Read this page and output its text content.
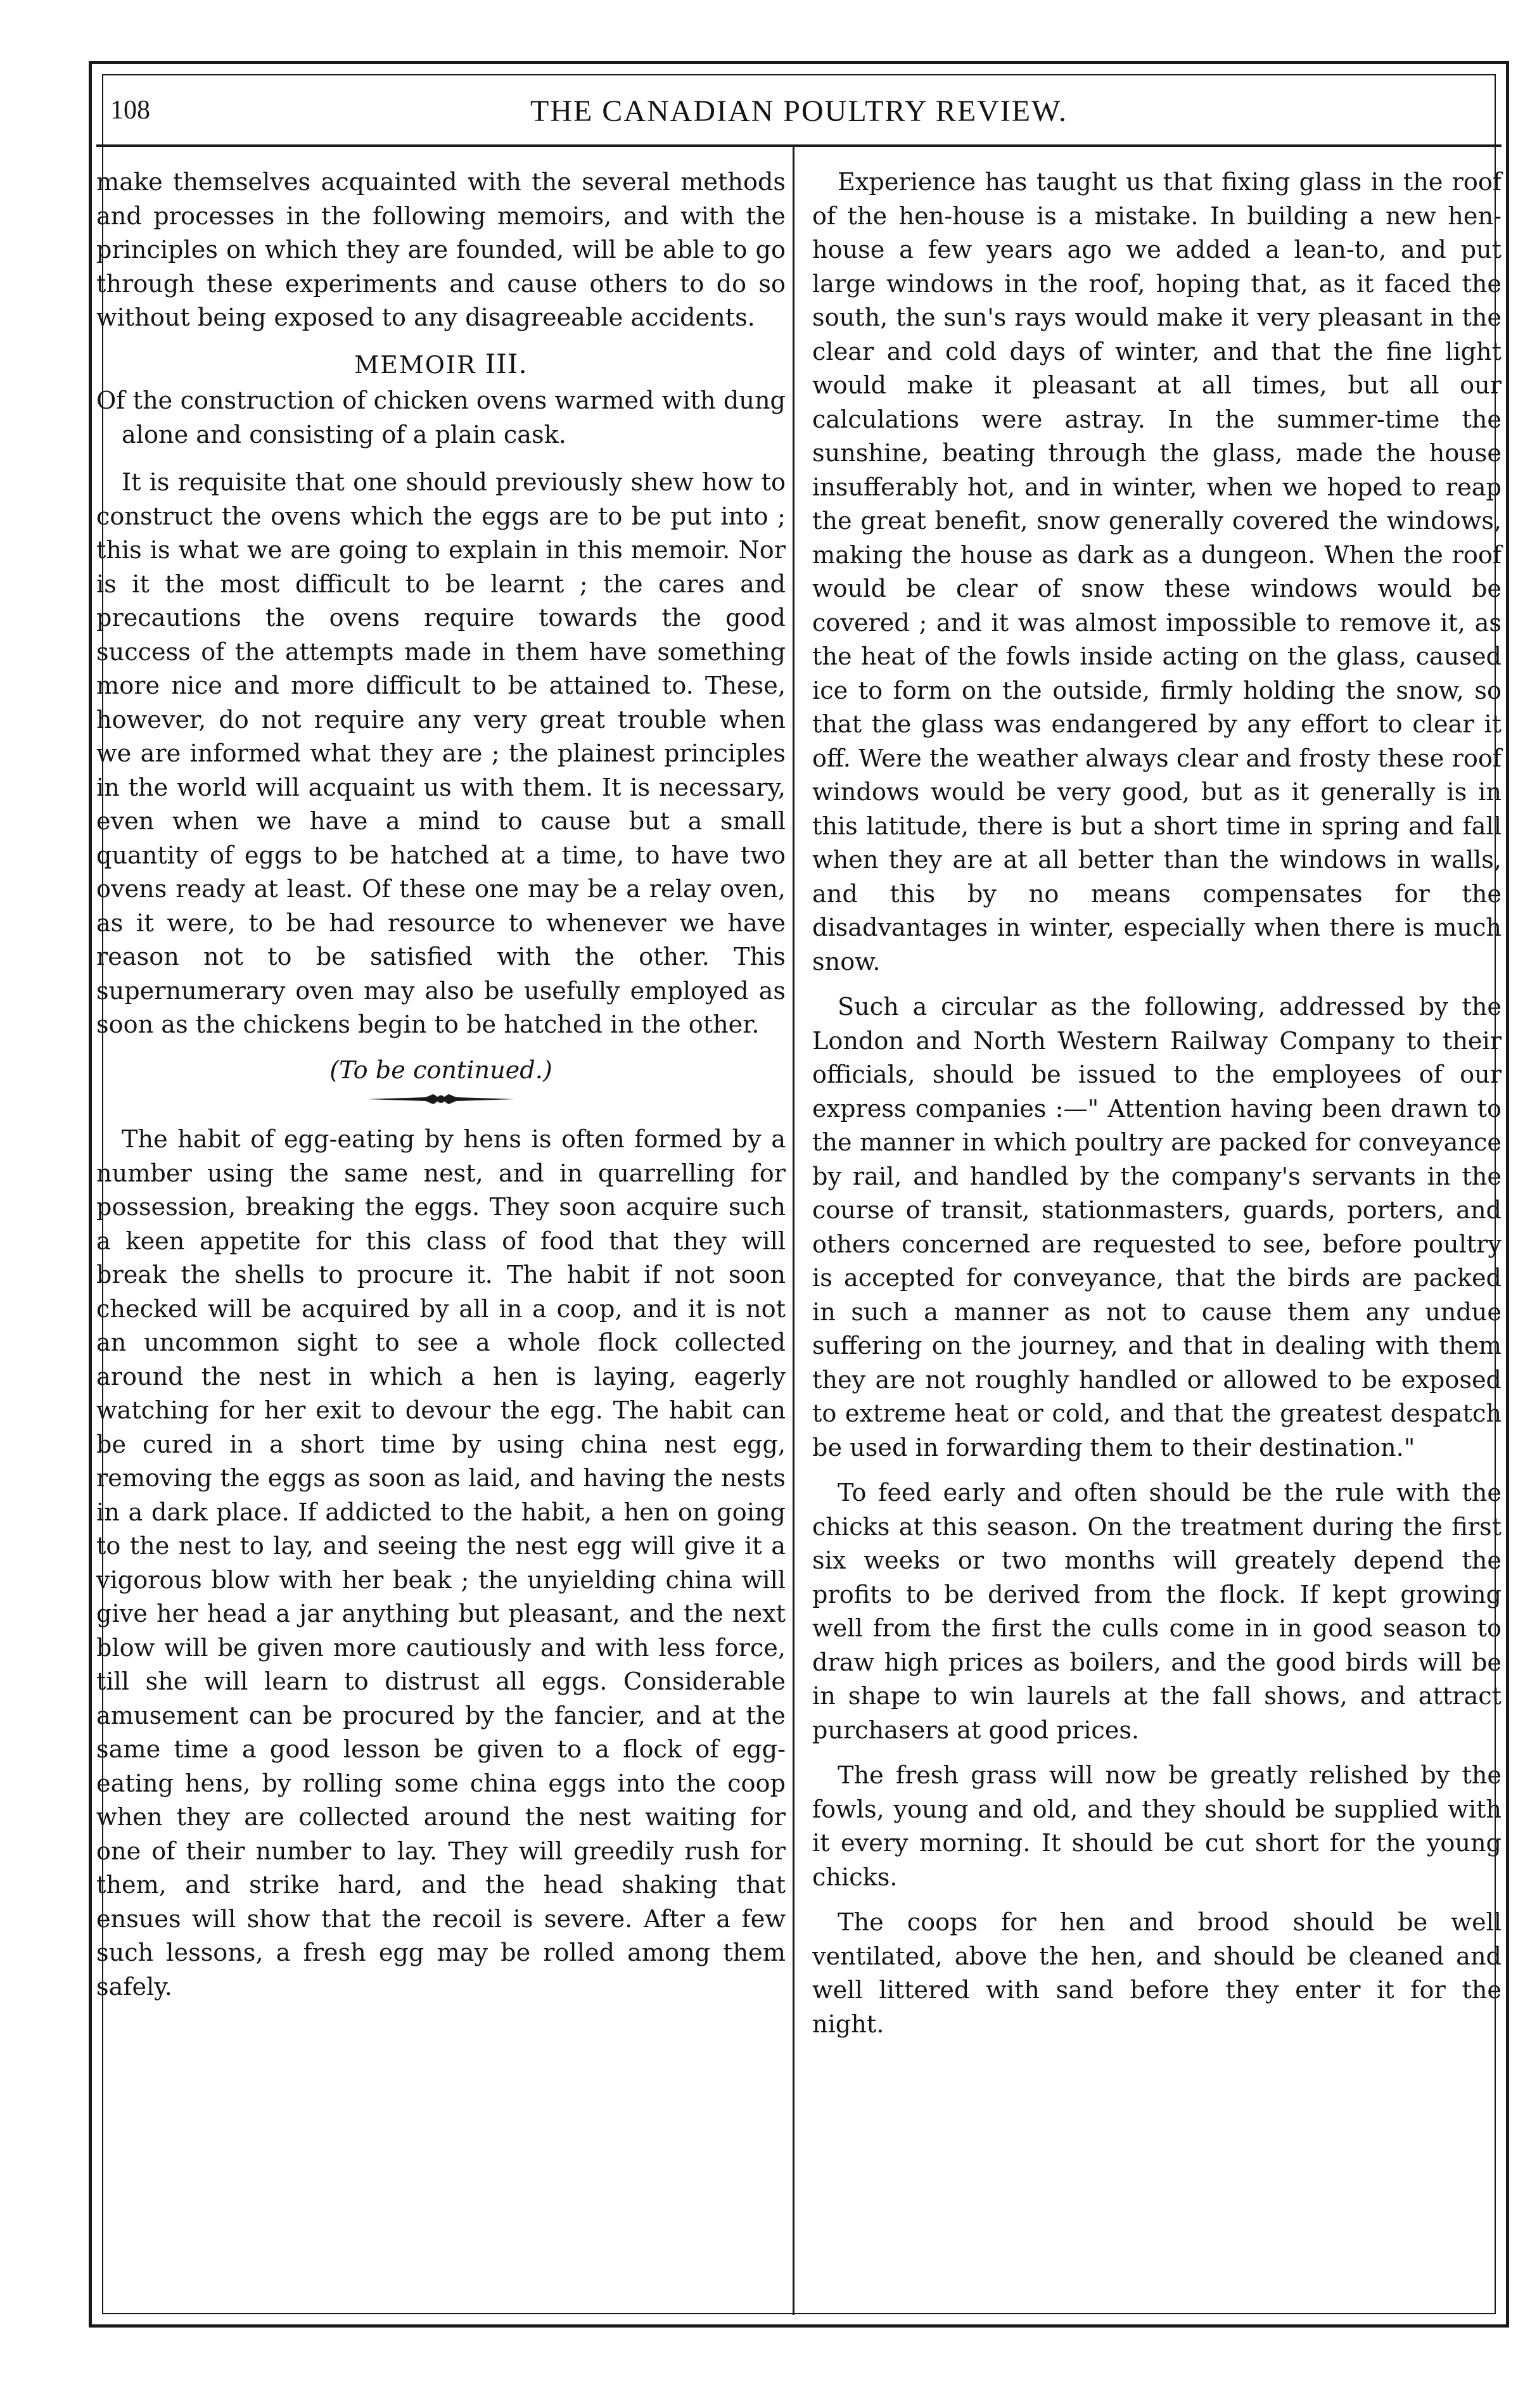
108	THE CANADIAN POULTRY REVIEW.

make themselves acquainted with the several methods and processes in the following memoirs, and with the principles on which they are founded, will be able to go through these experiments and cause others to do so without being exposed to any disagreeable accidents.

MEMOIR III.

Of the construction of chicken ovens warmed with dung alone and consisting of a plain cask.

It is requisite that one should previously shew how to construct the ovens which the eggs are to be put into ; this is what we are going to explain in this memoir. Nor is it the most difficult to be learnt ; the cares and precautions the ovens require towards the good success of the attempts made in them have something more nice and more difficult to be attained to. These, however, do not require any very great trouble when we are informed what they are ; the plainest principles in the world will acquaint us with them. It is necessary, even when we have a mind to cause but a small quantity of eggs to be hatched at a time, to have two ovens ready at least. Of these one may be a relay oven, as it were, to be had resource to whenever we have reason not to be satisfied with the other. This supernumerary oven may also be usefully employed as soon as the chickens begin to be hatched in the other.

(To be continued.)

The habit of egg-eating by hens is often formed by a number using the same nest, and in quarrelling for possession, breaking the eggs. They soon acquire such a keen appetite for this class of food that they will break the shells to procure it. The habit if not soon checked will be acquired by all in a coop, and it is not an uncommon sight to see a whole flock collected around the nest in which a hen is laying, eagerly watching for her exit to devour the egg. The habit can be cured in a short time by using china nest egg, removing the eggs as soon as laid, and having the nests in a dark place. If addicted to the habit, a hen on going to the nest to lay, and seeing the nest egg will give it a vigorous blow with her beak ; the unyielding china will give her head a jar anything but pleasant, and the next blow will be given more cautiously and with less force, till she will learn to distrust all eggs. Considerable amusement can be procured by the fancier, and at the same time a good lesson be given to a flock of egg-eating hens, by rolling some china eggs into the coop when they are collected around the nest waiting for one of their number to lay. They will greedily rush for them, and strike hard, and the head shaking that ensues will show that the recoil is severe. After a few such lessons, a fresh egg may be rolled among them safely.

Experience has taught us that fixing glass in the roof of the hen-house is a mistake. In building a new hen-house a few years ago we added a lean-to, and put large windows in the roof, hoping that, as it faced the south, the sun's rays would make it very pleasant in the clear and cold days of winter, and that the fine light would make it pleasant at all times, but all our calculations were astray. In the summer-time the sunshine, beating through the glass, made the house insufferably hot, and in winter, when we hoped to reap the great benefit, snow generally covered the windows, making the house as dark as a dungeon. When the roof would be clear of snow these windows would be covered ; and it was almost impossible to remove it, as the heat of the fowls inside acting on the glass, caused ice to form on the outside, firmly holding the snow, so that the glass was endangered by any effort to clear it off. Were the weather always clear and frosty these roof windows would be very good, but as it generally is in this latitude, there is but a short time in spring and fall when they are at all better than the windows in walls, and this by no means compensates for the disadvantages in winter, especially when there is much snow.

Such a circular as the following, addressed by the London and North Western Railway Company to their officials, should be issued to the employees of our express companies :—" Attention having been drawn to the manner in which poultry are packed for conveyance by rail, and handled by the company's servants in the course of transit, stationmasters, guards, porters, and others concerned are requested to see, before poultry is accepted for conveyance, that the birds are packed in such a manner as not to cause them any undue suffering on the journey, and that in dealing with them they are not roughly handled or allowed to be exposed to extreme heat or cold, and that the greatest despatch be used in forwarding them to their destination."

To feed early and often should be the rule with the chicks at this season. On the treatment during the first six weeks or two months will greately depend the profits to be derived from the flock. If kept growing well from the first the culls come in in good season to draw high prices as boilers, and the good birds will be in shape to win laurels at the fall shows, and attract purchasers at good prices.

The fresh grass will now be greatly relished by the fowls, young and old, and they should be supplied with it every morning. It should be cut short for the young chicks.

The coops for hen and brood should be well ventilated, above the hen, and should be cleaned and well littered with sand before they enter it for the night.
